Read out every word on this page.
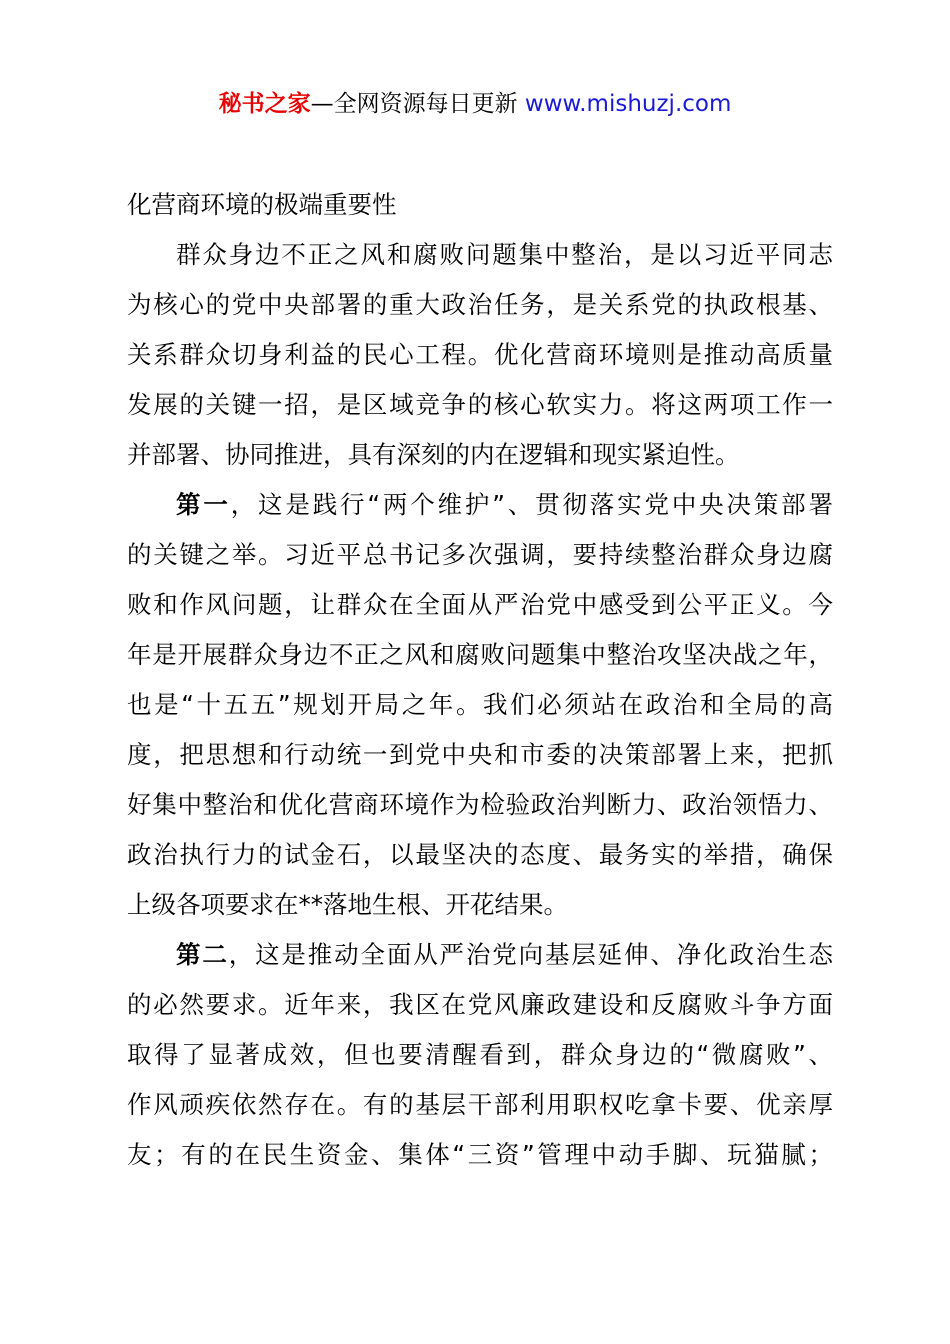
秘书之家—全网资源每日更新 www.mishuzj.com
化营商环境的极端重要性
群众身边不正之风和腐败问题集中整治，是以习近平同志
为核心的党中央部署的重大政治任务，是关系党的执政根基、
关系群众切身利益的民心工程。优化营商环境则是推动高质量
发展的关键一招，是区域竞争的核心软实力。将这两项工作一
并部署、协同推进，具有深刻的内在逻辑和现实紧迫性。
第一，这是践行“两个维护”、贯彻落实党中央决策部署
的关键之举。习近平总书记多次强调，要持续整治群众身边腐
败和作风问题，让群众在全面从严治党中感受到公平正义。今
年是开展群众身边不正之风和腐败问题集中整治攻坚决战之年，
也是“十五五”规划开局之年。我们必须站在政治和全局的高
度，把思想和行动统一到党中央和市委的决策部署上来，把抓
好集中整治和优化营商环境作为检验政治判断力、政治领悟力、
政治执行力的试金石，以最坚决的态度、最务实的举措，确保
上级各项要求在**落地生根、开花结果。
第二，这是推动全面从严治党向基层延伸、净化政治生态
的必然要求。近年来，我区在党风廉政建设和反腐败斗争方面
取得了显著成效，但也要清醒看到，群众身边的“微腐败”、
作风顽疾依然存在。有的基层干部利用职权吃拿卡要、优亲厚
友；有的在民生资金、集体“三资”管理中动手脚、玩猫腻；
